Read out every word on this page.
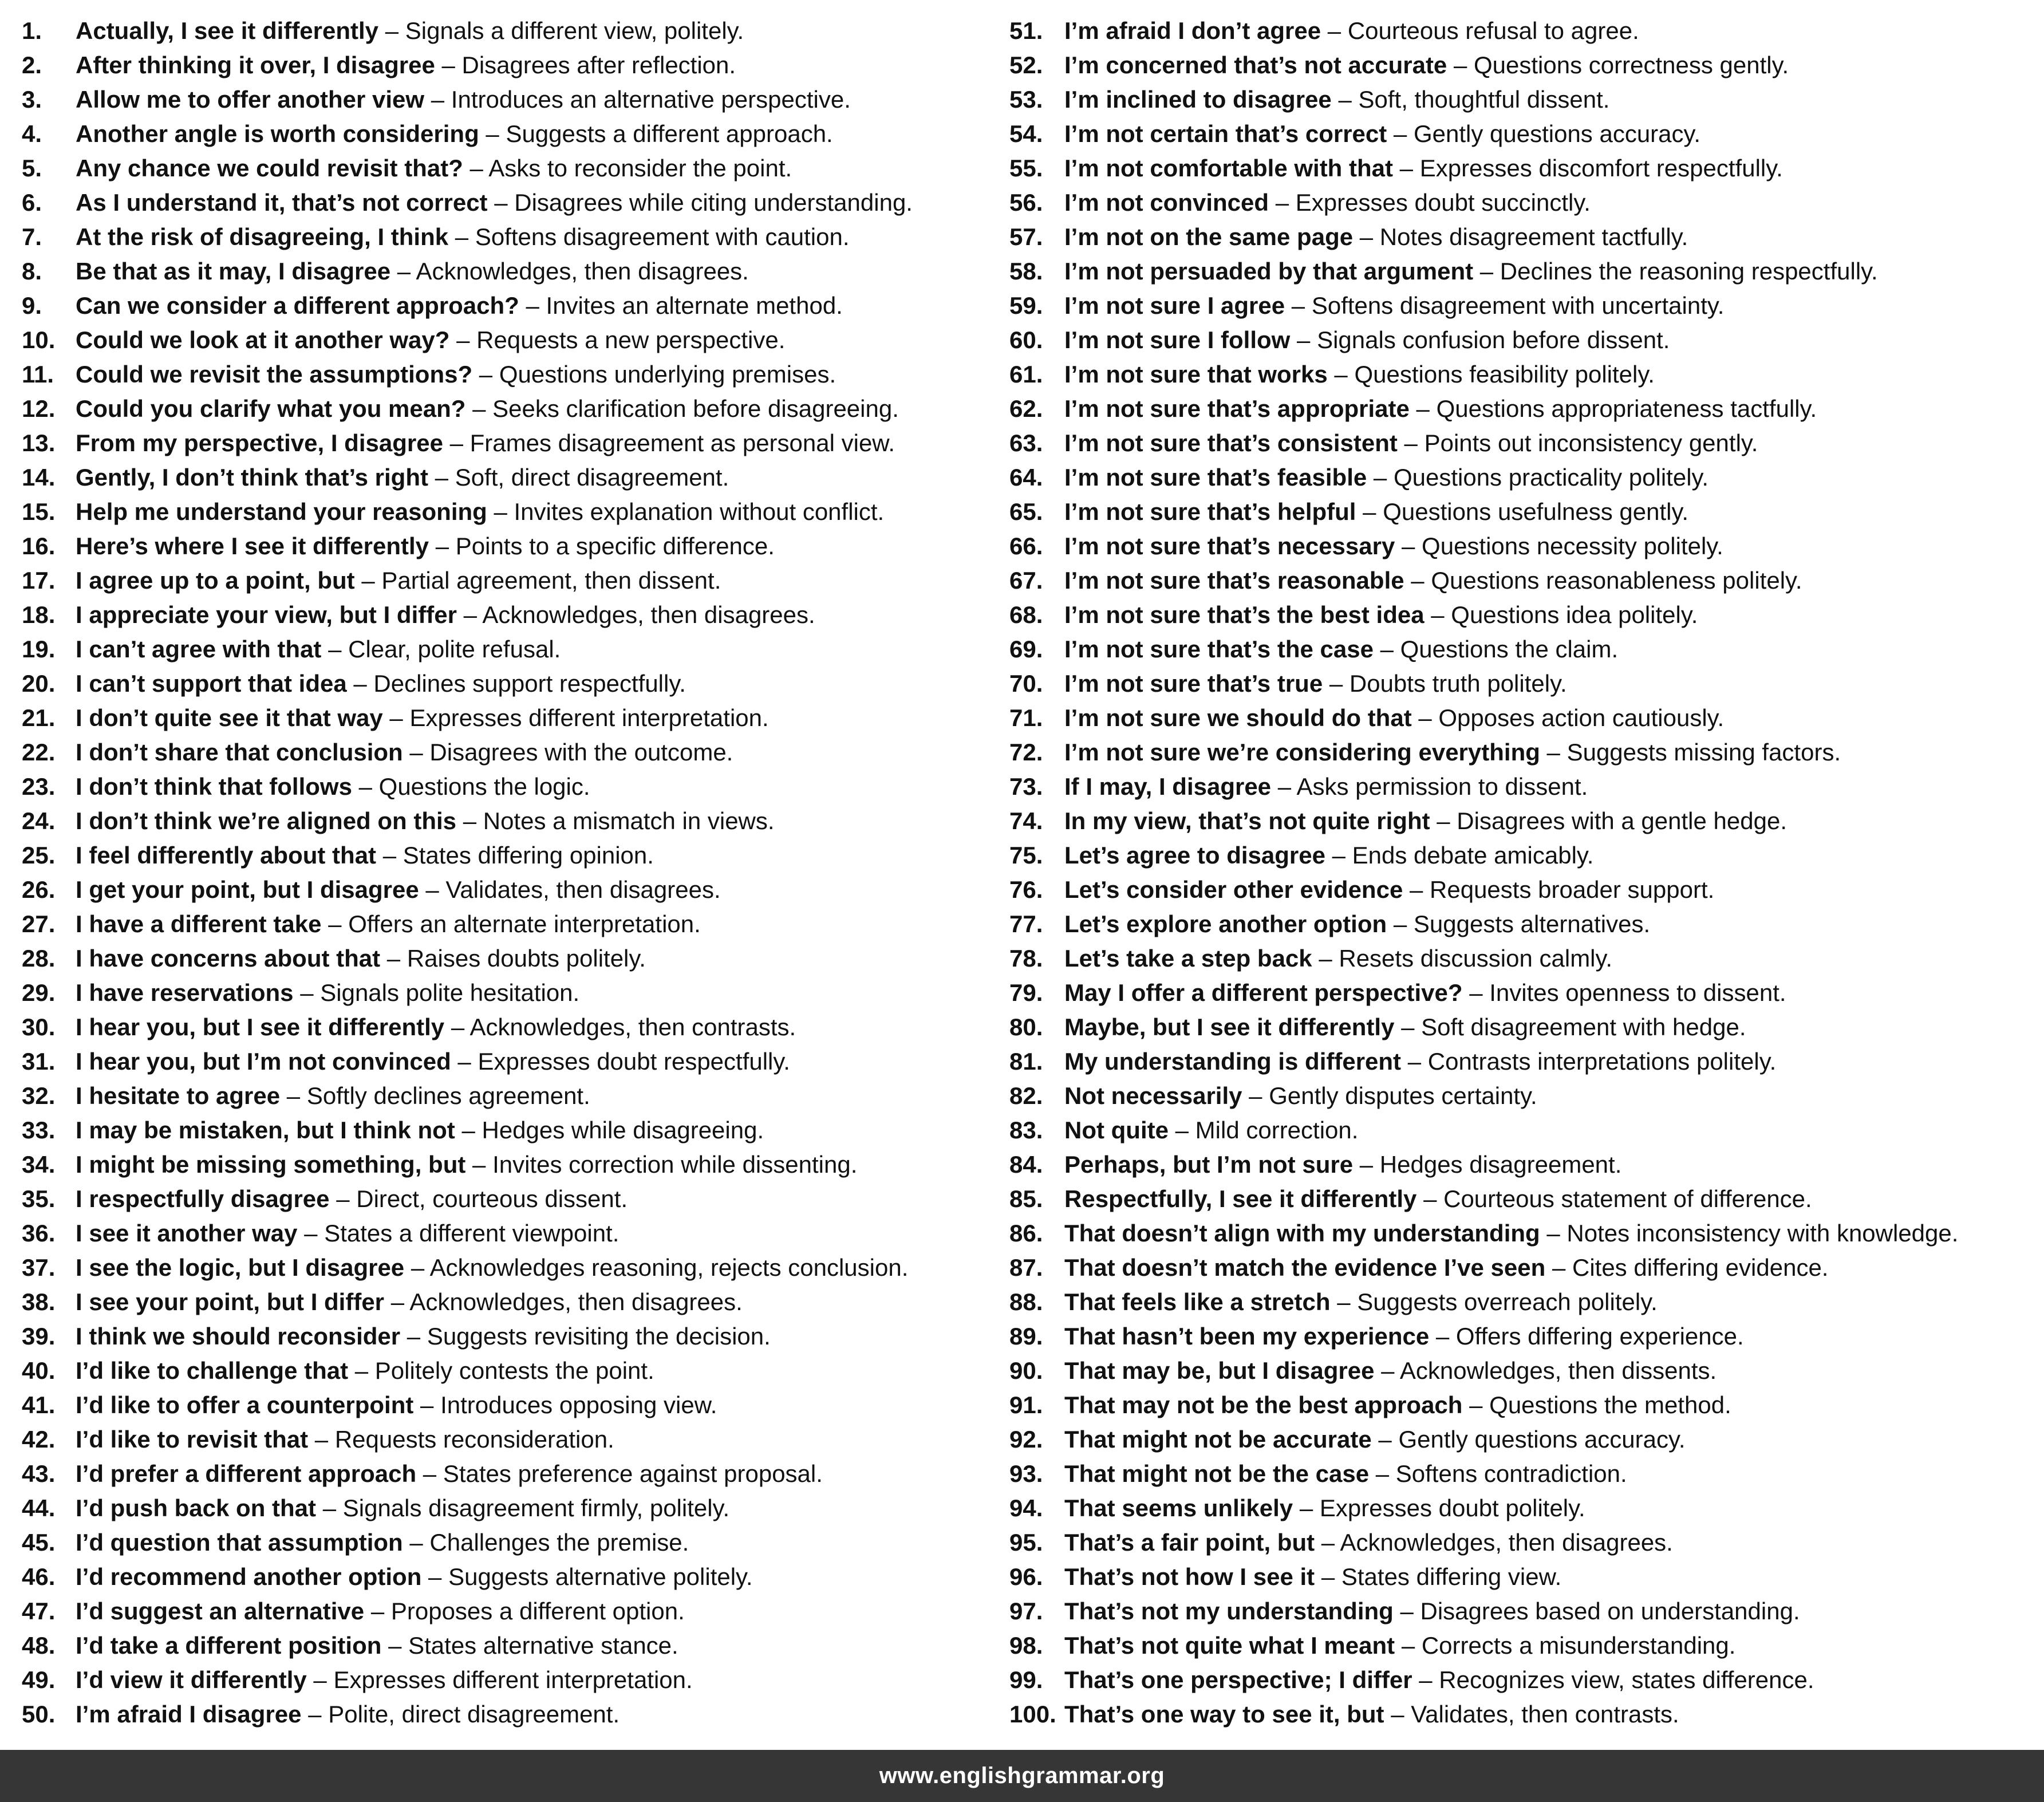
1.	Actually, I see it differently – Signals a different view, politely.
2.	After thinking it over, I disagree – Disagrees after reflection.
3.	Allow me to offer another view – Introduces an alternative perspective.
4.	Another angle is worth considering – Suggests a different approach.
5.	Any chance we could revisit that? – Asks to reconsider the point.
6.	As I understand it, that’s not correct – Disagrees while citing understanding.
7.	At the risk of disagreeing, I think – Softens disagreement with caution.
8.	Be that as it may, I disagree – Acknowledges, then disagrees.
9.	Can we consider a different approach? – Invites an alternate method.
10. Could we look at it another way? – Requests a new perspective.
11. Could we revisit the assumptions? – Questions underlying premises.
12. Could you clarify what you mean? – Seeks clarification before disagreeing.
13. From my perspective, I disagree – Frames disagreement as personal view.
14. Gently, I don’t think that’s right – Soft, direct disagreement.
15. Help me understand your reasoning – Invites explanation without conflict.
16. Here’s where I see it differently – Points to a specific difference.
17. I agree up to a point, but – Partial agreement, then dissent.
18. I appreciate your view, but I differ – Acknowledges, then disagrees.
19. I can’t agree with that – Clear, polite refusal.
20. I can’t support that idea – Declines support respectfully.
21. I don’t quite see it that way – Expresses different interpretation.
22. I don’t share that conclusion – Disagrees with the outcome.
23. I don’t think that follows – Questions the logic.
24. I don’t think we’re aligned on this – Notes a mismatch in views.
25. I feel differently about that – States differing opinion.
26. I get your point, but I disagree – Validates, then disagrees.
27. I have a different take – Offers an alternate interpretation.
28. I have concerns about that – Raises doubts politely.
29. I have reservations – Signals polite hesitation.
30. I hear you, but I see it differently – Acknowledges, then contrasts.
31. I hear you, but I’m not convinced – Expresses doubt respectfully.
32. I hesitate to agree – Softly declines agreement.
33. I may be mistaken, but I think not – Hedges while disagreeing.
34. I might be missing something, but – Invites correction while dissenting.
35. I respectfully disagree – Direct, courteous dissent.
36. I see it another way – States a different viewpoint.
37. I see the logic, but I disagree – Acknowledges reasoning, rejects conclusion.
38. I see your point, but I differ – Acknowledges, then disagrees.
39. I think we should reconsider – Suggests revisiting the decision.
40. I’d like to challenge that – Politely contests the point.
41. I’d like to offer a counterpoint – Introduces opposing view.
42. I’d like to revisit that – Requests reconsideration.
43. I’d prefer a different approach – States preference against proposal.
44. I’d push back on that – Signals disagreement firmly, politely.
45. I’d question that assumption – Challenges the premise.
46. I’d recommend another option – Suggests alternative politely.
47. I’d suggest an alternative – Proposes a different option.
48. I’d take a different position – States alternative stance.
49. I’d view it differently – Expresses different interpretation.
50. I’m afraid I disagree – Polite, direct disagreement.
51. I’m afraid I don’t agree – Courteous refusal to agree.
52. I’m concerned that’s not accurate – Questions correctness gently.
53. I’m inclined to disagree – Soft, thoughtful dissent.
54. I’m not certain that’s correct – Gently questions accuracy.
55. I’m not comfortable with that – Expresses discomfort respectfully.
56. I’m not convinced – Expresses doubt succinctly.
57. I’m not on the same page – Notes disagreement tactfully.
58. I’m not persuaded by that argument – Declines the reasoning respectfully.
59. I’m not sure I agree – Softens disagreement with uncertainty.
60. I’m not sure I follow – Signals confusion before dissent.
61. I’m not sure that works – Questions feasibility politely.
62. I’m not sure that’s appropriate – Questions appropriateness tactfully.
63. I’m not sure that’s consistent – Points out inconsistency gently.
64. I’m not sure that’s feasible – Questions practicality politely.
65. I’m not sure that’s helpful – Questions usefulness gently.
66. I’m not sure that’s necessary – Questions necessity politely.
67. I’m not sure that’s reasonable – Questions reasonableness politely.
68. I’m not sure that’s the best idea – Questions idea politely.
69. I’m not sure that’s the case – Questions the claim.
70. I’m not sure that’s true – Doubts truth politely.
71. I’m not sure we should do that – Opposes action cautiously.
72. I’m not sure we’re considering everything – Suggests missing factors.
73. If I may, I disagree – Asks permission to dissent.
74. In my view, that’s not quite right – Disagrees with a gentle hedge.
75. Let’s agree to disagree – Ends debate amicably.
76. Let’s consider other evidence – Requests broader support.
77. Let’s explore another option – Suggests alternatives.
78. Let’s take a step back – Resets discussion calmly.
79. May I offer a different perspective? – Invites openness to dissent.
80. Maybe, but I see it differently – Soft disagreement with hedge.
81. My understanding is different – Contrasts interpretations politely.
82. Not necessarily – Gently disputes certainty.
83. Not quite – Mild correction.
84. Perhaps, but I’m not sure – Hedges disagreement.
85. Respectfully, I see it differently – Courteous statement of difference.
86. That doesn’t align with my understanding – Notes inconsistency with knowledge.
87. That doesn’t match the evidence I’ve seen – Cites differing evidence.
88. That feels like a stretch – Suggests overreach politely.
89. That hasn’t been my experience – Offers differing experience.
90. That may be, but I disagree – Acknowledges, then dissents.
91. That may not be the best approach – Questions the method.
92. That might not be accurate – Gently questions accuracy.
93. That might not be the case – Softens contradiction.
94. That seems unlikely – Expresses doubt politely.
95. That’s a fair point, but – Acknowledges, then disagrees.
96. That’s not how I see it – States differing view.
97. That’s not my understanding – Disagrees based on understanding.
98. That’s not quite what I meant – Corrects a misunderstanding.
99. That’s one perspective; I differ – Recognizes view, states difference.
100. That’s one way to see it, but – Validates, then contrasts.
www.englishgrammar.org
